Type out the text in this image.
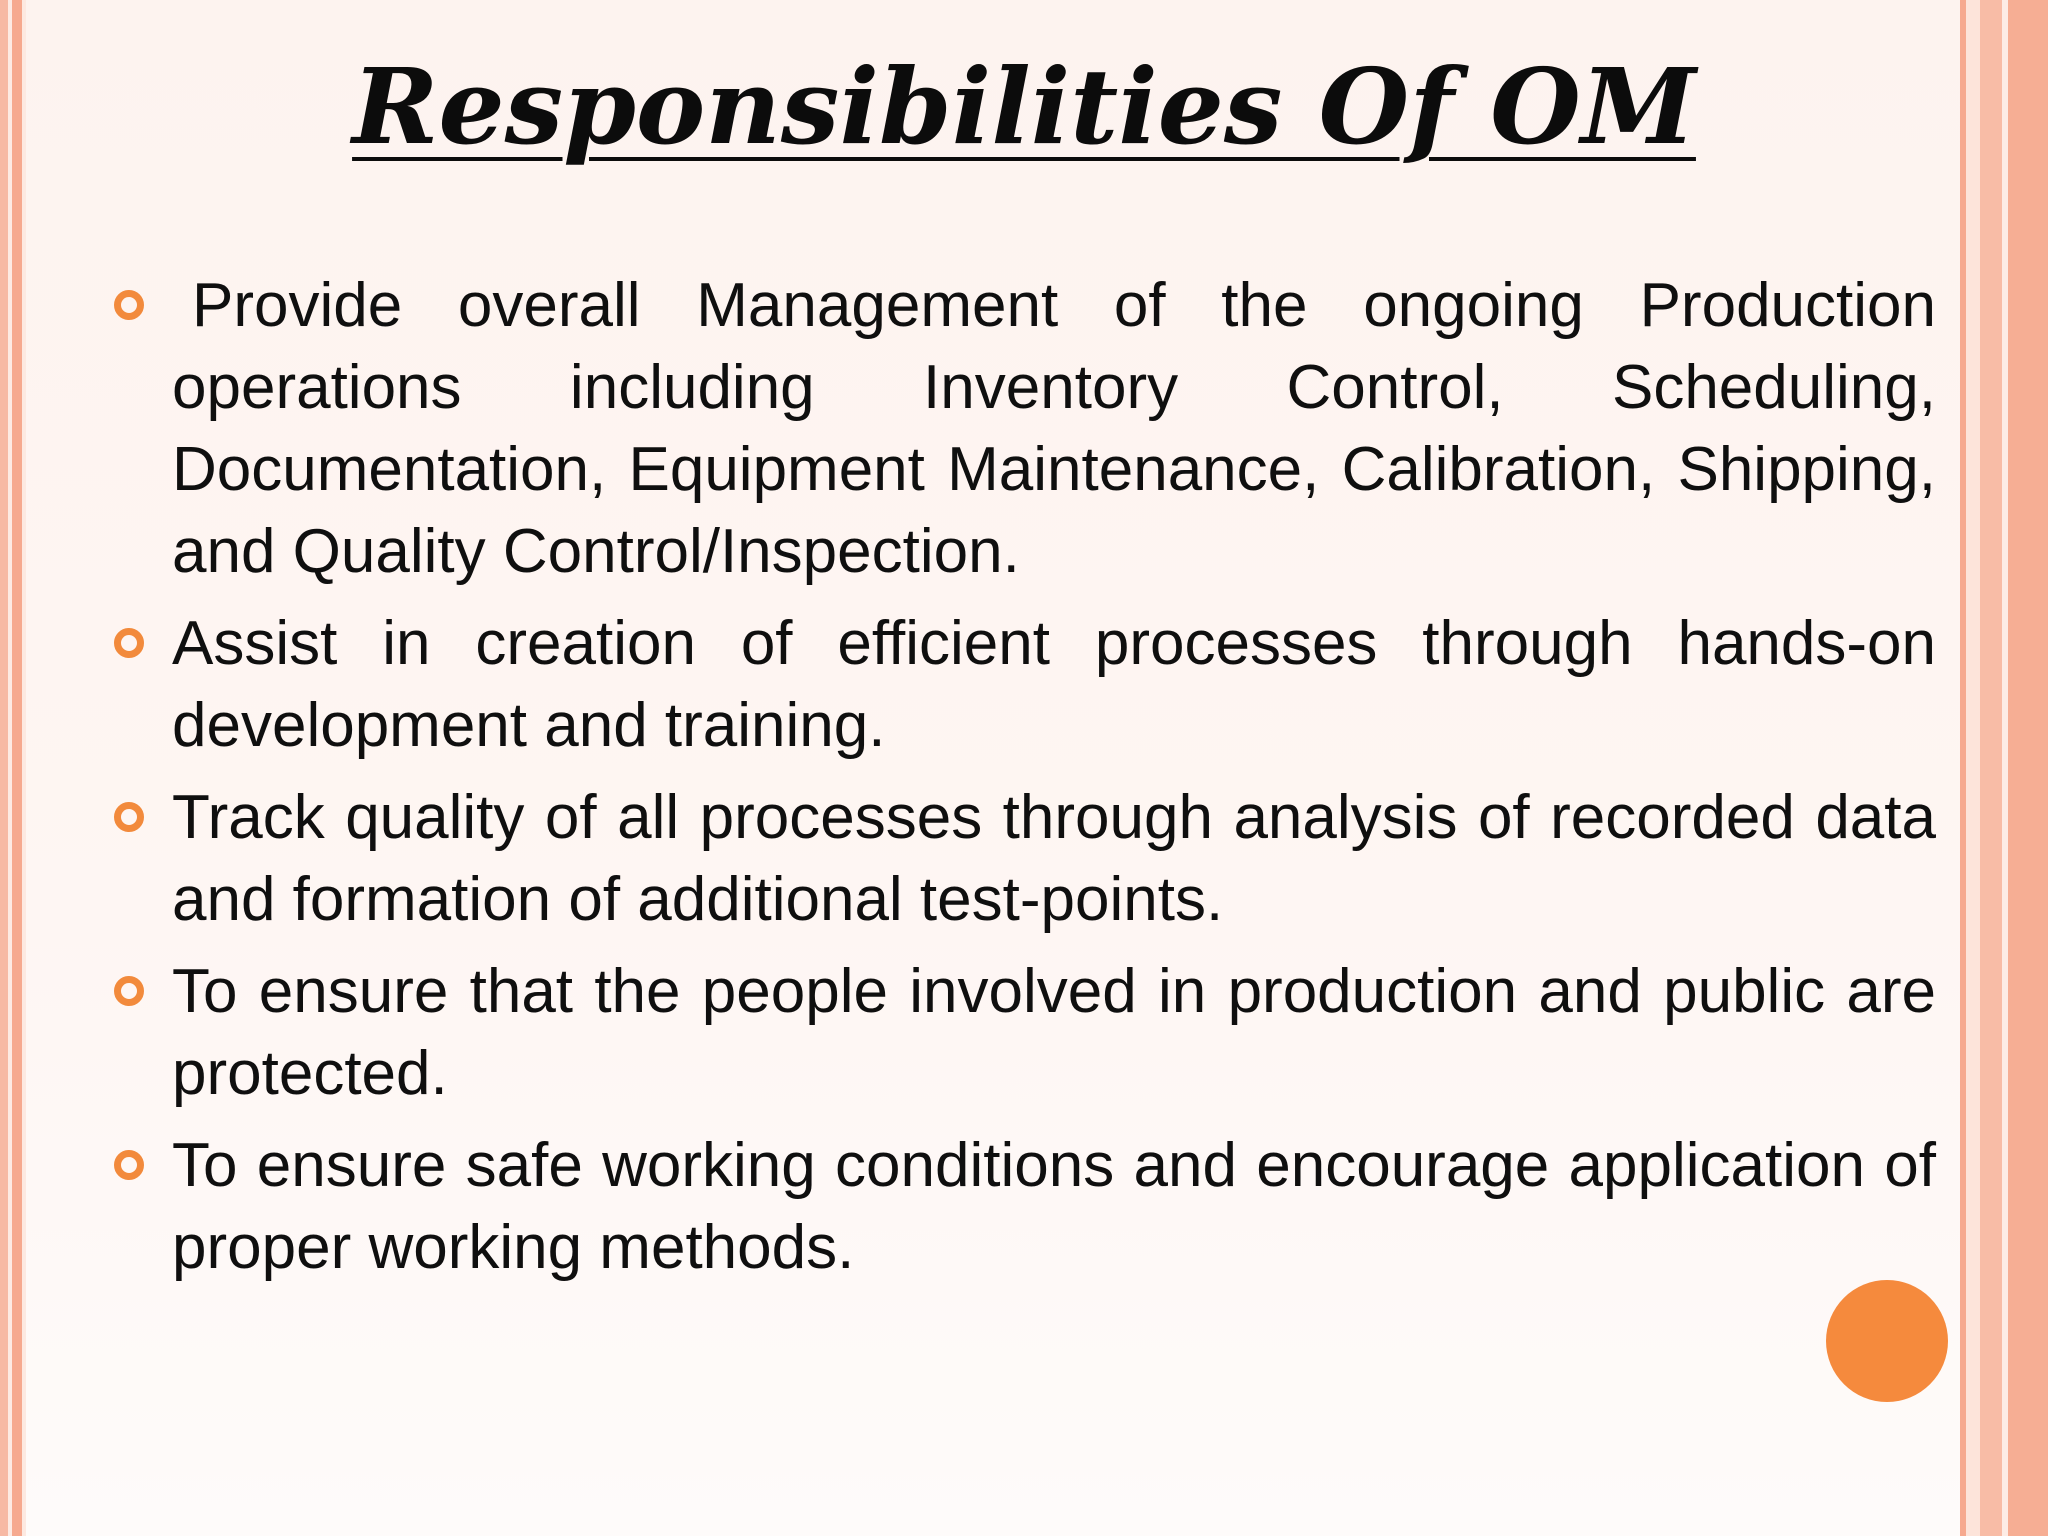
Responsibilities Of OM
Provide overall Management of the ongoing Production operations including Inventory Control, Scheduling, Documentation, Equipment Maintenance, Calibration, Shipping, and Quality Control/Inspection.
Assist in creation of efficient processes through hands-on development and training.
Track quality of all processes through analysis of recorded data and formation of additional test-points.
To ensure that the people involved in production and public are protected.
To ensure safe working conditions and encourage application of proper working methods.
